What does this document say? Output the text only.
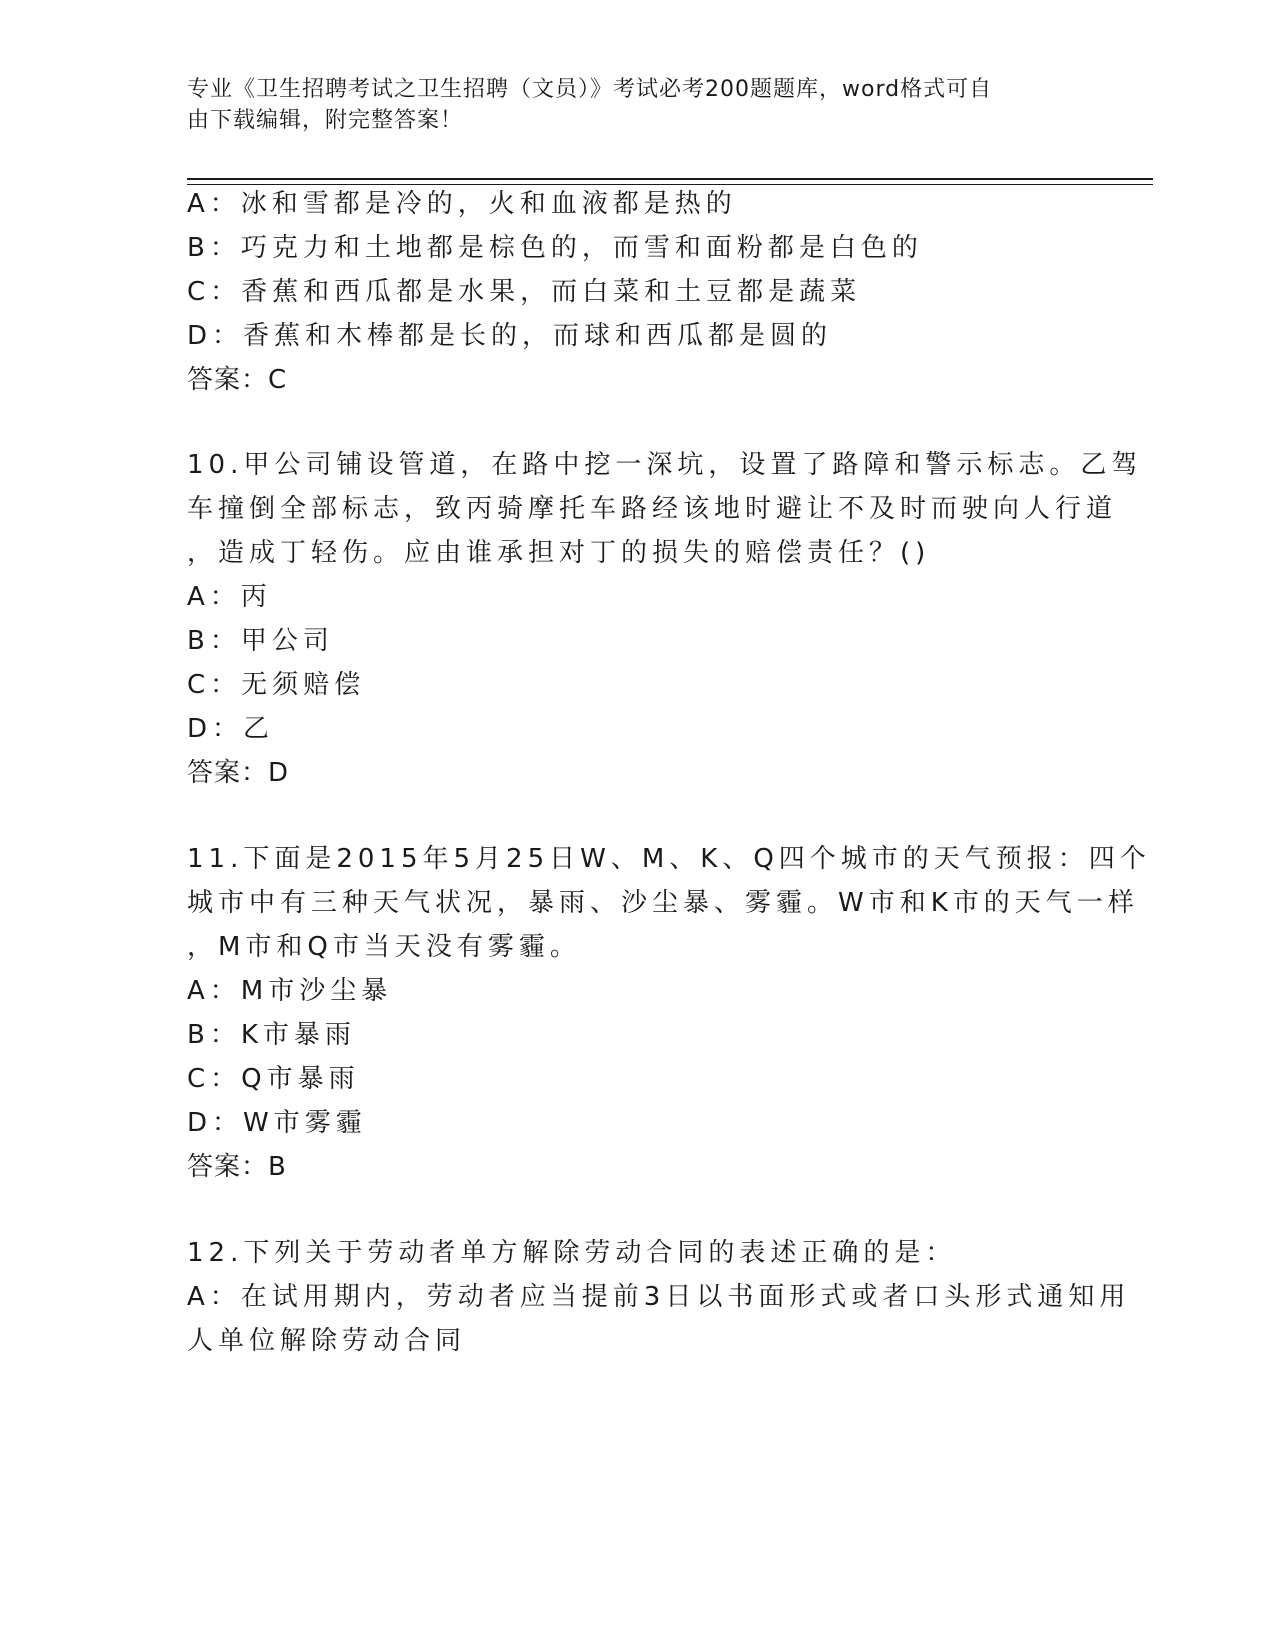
专业《卫生招聘考试之卫生招聘（文员）》考试必考200题题库，word格式可自
由下载编辑，附完整答案！
A：冰和雪都是冷的，火和血液都是热的
B：巧克力和土地都是棕色的，而雪和面粉都是白色的
C：香蕉和西瓜都是水果，而白菜和土豆都是蔬菜
D：香蕉和木棒都是长的，而球和西瓜都是圆的
答案：C
10.甲公司铺设管道，在路中挖一深坑，设置了路障和警示标志。乙驾
车撞倒全部标志，致丙骑摩托车路经该地时避让不及时而驶向人行道
，造成丁轻伤。应由谁承担对丁的损失的赔偿责任？()
A：丙
B：甲公司
C：无须赔偿
D：乙
答案：D
11.下面是2015年5月25日W、M、K、Q四个城市的天气预报：四个
城市中有三种天气状况，暴雨、沙尘暴、雾霾。W市和K市的天气一样
，M市和Q市当天没有雾霾。
A：M市沙尘暴
B：K市暴雨
C：Q市暴雨
D：W市雾霾
答案：B
12.下列关于劳动者单方解除劳动合同的表述正确的是：
A：在试用期内，劳动者应当提前3日以书面形式或者口头形式通知用
人单位解除劳动合同
